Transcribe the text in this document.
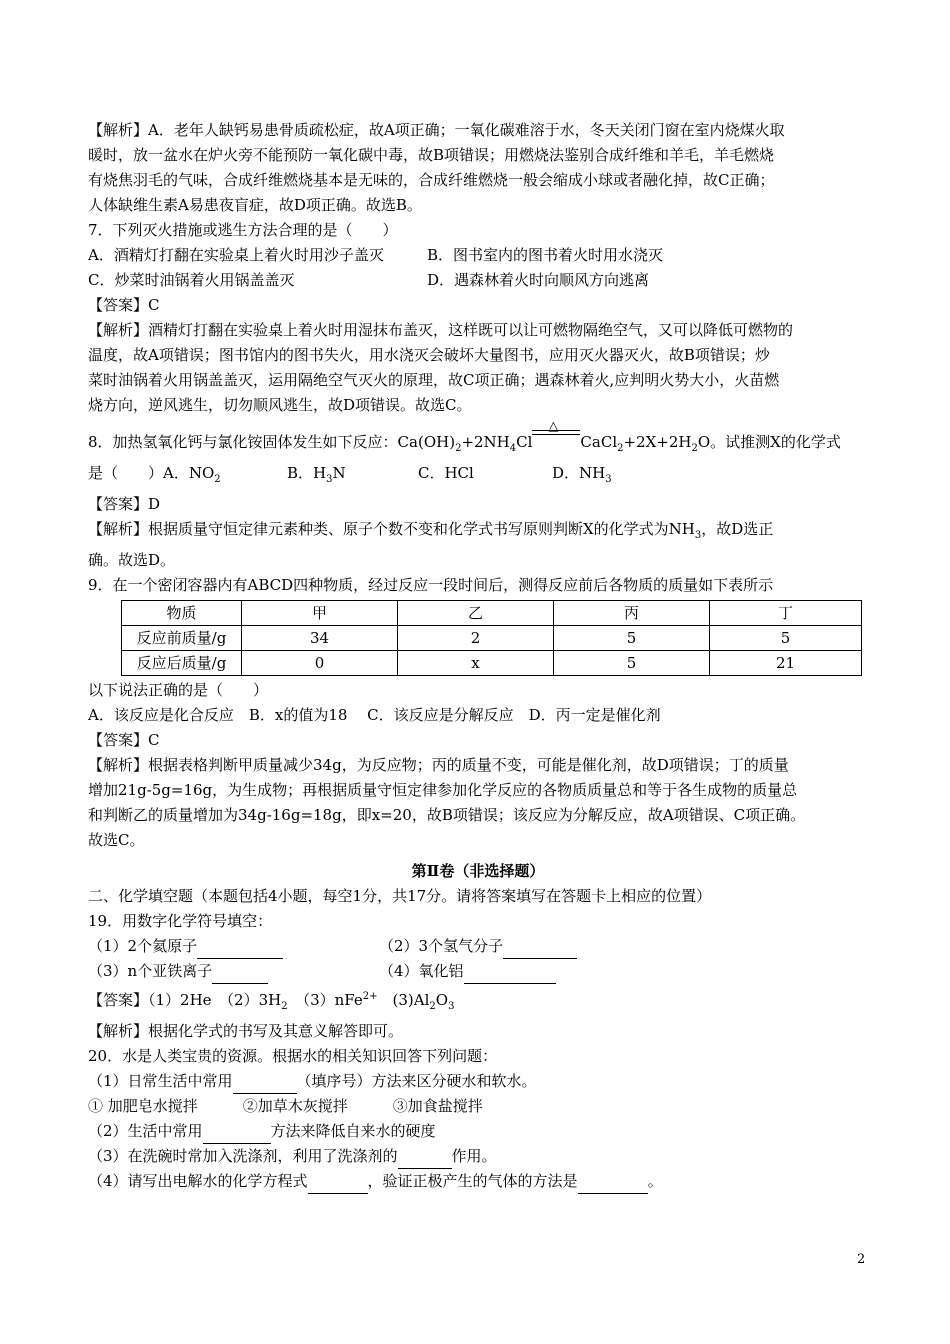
【解析】A．老年人缺钙易患骨质疏松症，故A项正确；一氧化碳难溶于水，冬天关闭门窗在室内烧煤火取

暖时，放一盆水在炉火旁不能预防一氧化碳中毒，故B项错误；用燃烧法鉴别合成纤维和羊毛，羊毛燃烧

有烧焦羽毛的气味，合成纤维燃烧基本是无味的，合成纤维燃烧一般会缩成小球或者融化掉，故C正确；

人体缺维生素A易患夜盲症，故D项正确。故选B。

7．下列灭火措施或逃生方法合理的是（　　）

A．酒精灯打翻在实验桌上着火时用沙子盖灭	B．图书室内的图书着火时用水浇灭
C．炒菜时油锅着火用锅盖盖灭	D．遇森林着火时向顺风方向逃离

【答案】C

【解析】酒精灯打翻在实验桌上着火时用湿抹布盖灭，这样既可以让可燃物隔绝空气，又可以降低可燃物的

温度，故A项错误；图书馆内的图书失火，用水浇灭会破坏大量图书，应用灭火器灭火，故B项错误；炒

菜时油锅着火用锅盖盖灭，运用隔绝空气灭火的原理，故C项正确；遇森林着火,应判明火势大小，火苗燃

烧方向，逆风逃生，切勿顺风逃生，故D项错误。故选C。

8．加热氢氧化钙与氯化铵固体发生如下反应：$Ca(OH)_2+2NH_4Cl$
△
$CaCl_2+2X+2H_2O$。试推测X的化学式

是（　　）A．$NO_2$	B．$H_3N$	C．HCl	D．$NH_3$

【答案】D

【解析】根据质量守恒定律元素种类、原子个数不变和化学式书写原则判断X的化学式为$NH_3$，故D选正

确。故选D。

9．在一个密闭容器内有ABCD四种物质，经过反应一段时间后，测得反应前后各物质的质量如下表所示

物质	甲	乙	丙	丁
反应前质量/g	34	2	5	5
反应后质量/g	0	x	5	21

以下说法正确的是（　　）

A．该反应是化合反应　B．x的值为18　 C．该反应是分解反应　D．丙一定是催化剂

【答案】C

【解析】根据表格判断甲质量减少34g，为反应物；丙的质量不变，可能是催化剂，故D项错误；丁的质量

增加21g-5g=16g，为生成物；再根据质量守恒定律参加化学反应的各物质质量总和等于各生成物的质量总

和判断乙的质量增加为34g-16g=18g，即x=20，故B项错误；该反应为分解反应，故A项错误、C项正确。

故选C。

第Ⅱ卷（非选择题）

二、化学填空题（本题包括4小题，每空1分，共17分。请将答案填写在答题卡上相应的位置）

19．用数字化学符号填空：

（1）2个氦原子	（2）3个氢气分子
（3）n个亚铁离子	（4）氧化铝

【答案】（1）2He　$(2)3H_2$　（3）nFe$^{2+}$　$(3)Al_2O_3$

【解析】根据化学式的书写及其意义解答即可。

20．水是人类宝贵的资源。根据水的相关知识回答下列问题：

（1）日常生活中常用	（填序号）方法来区分硬水和软水。

① 加肥皂水搅拌　　　②加草木灰搅拌　　　③加食盐搅拌

（2）生活中常用	方法来降低自来水的硬度

（3）在洗碗时常加入洗涤剂，利用了洗涤剂的	作用。

（4）请写出电解水的化学方程式	，验证正极产生的气体的方法是	。

2
